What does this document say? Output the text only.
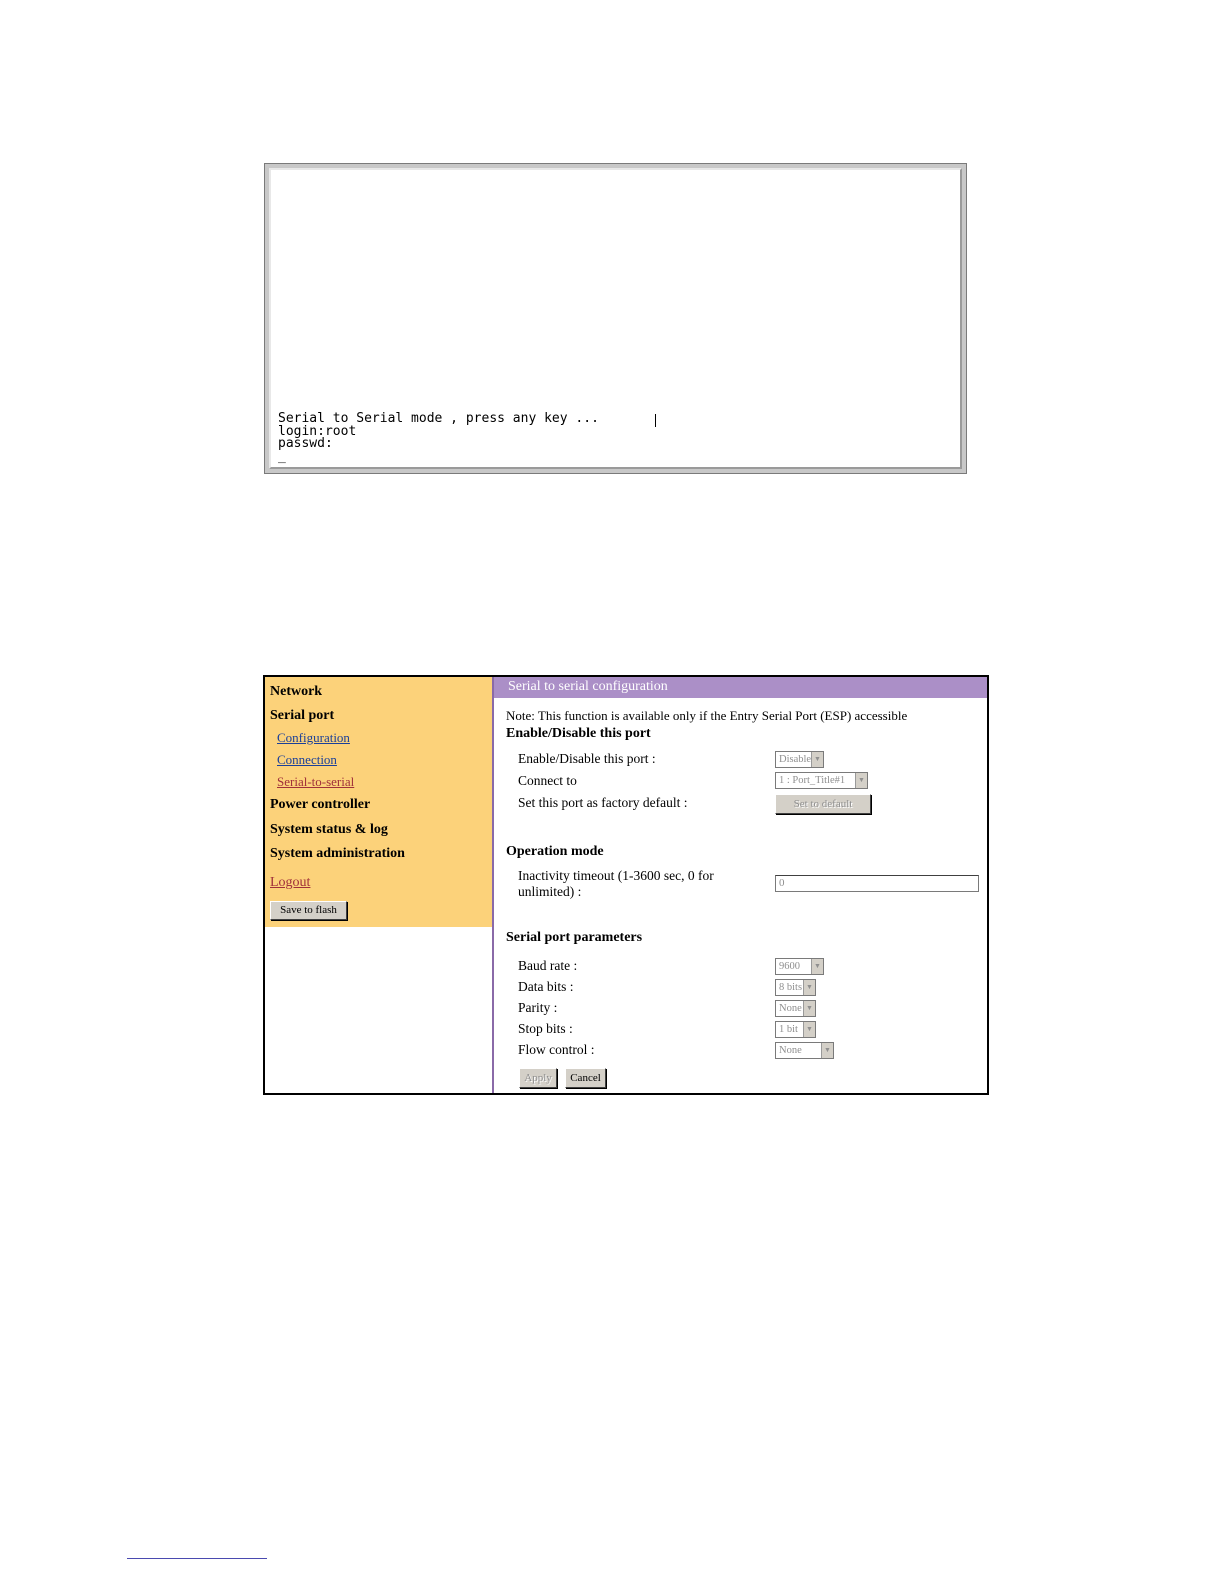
Serial to Serial mode , press any key ...
login:root
passwd:
_
Network
Serial port
Configuration
Connection
Serial-to-serial
Power controller
System status & log
System administration
Logout
Save to flash
Serial to serial configuration
Note: This function is available only if the Entry Serial Port (ESP) accessible
Enable/Disable this port
Enable/Disable this port :	Disable ▼
Connect to	1 : Port_Title#1	▼
Set this port as factory default :	Set to default
Operation mode
Inactivity timeout (1-3600 sec, 0 for
unlimited) :
0
Serial port parameters
Baud rate :	9600	▼
Data bits :	8 bits ▼
Parity :	None ▼
Stop bits :	1 bit	▼
Flow control :	None	▼
Apply	Cancel
